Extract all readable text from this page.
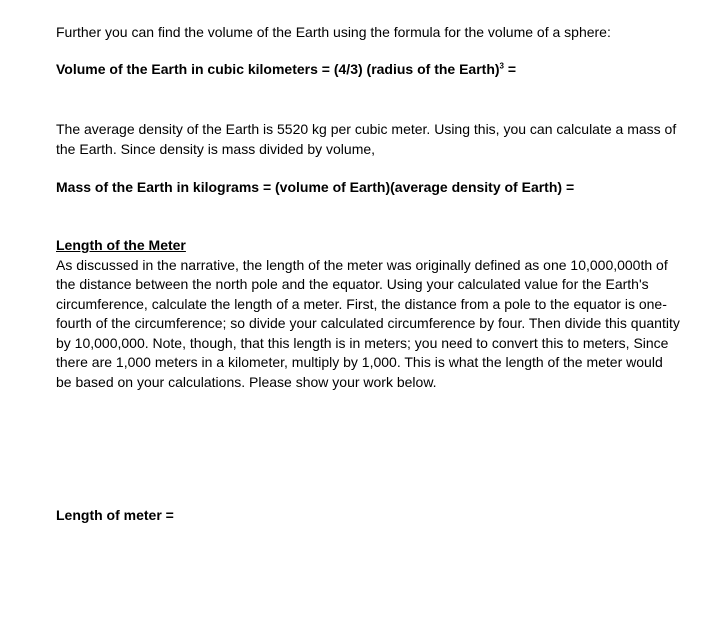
Further you can find the volume of the Earth using the formula for the volume of a sphere:
Volume of the Earth in cubic kilometers = (4/3) (radius of the Earth)$^3$ =
The average density of the Earth is 5520 kg per cubic meter. Using this, you can calculate a mass of the Earth. Since density is mass divided by volume,
Mass of the Earth in kilograms = (volume of Earth)(average density of Earth) =
Length of the Meter
As discussed in the narrative, the length of the meter was originally defined as one 10,000,000th of the distance between the north pole and the equator. Using your calculated value for the Earth's circumference, calculate the length of a meter. First, the distance from a pole to the equator is one-fourth of the circumference; so divide your calculated circumference by four. Then divide this quantity by 10,000,000. Note, though, that this length is in meters; you need to convert this to meters, Since there are 1,000 meters in a kilometer, multiply by 1,000. This is what the length of the meter would be based on your calculations. Please show your work below.
Length of meter =
